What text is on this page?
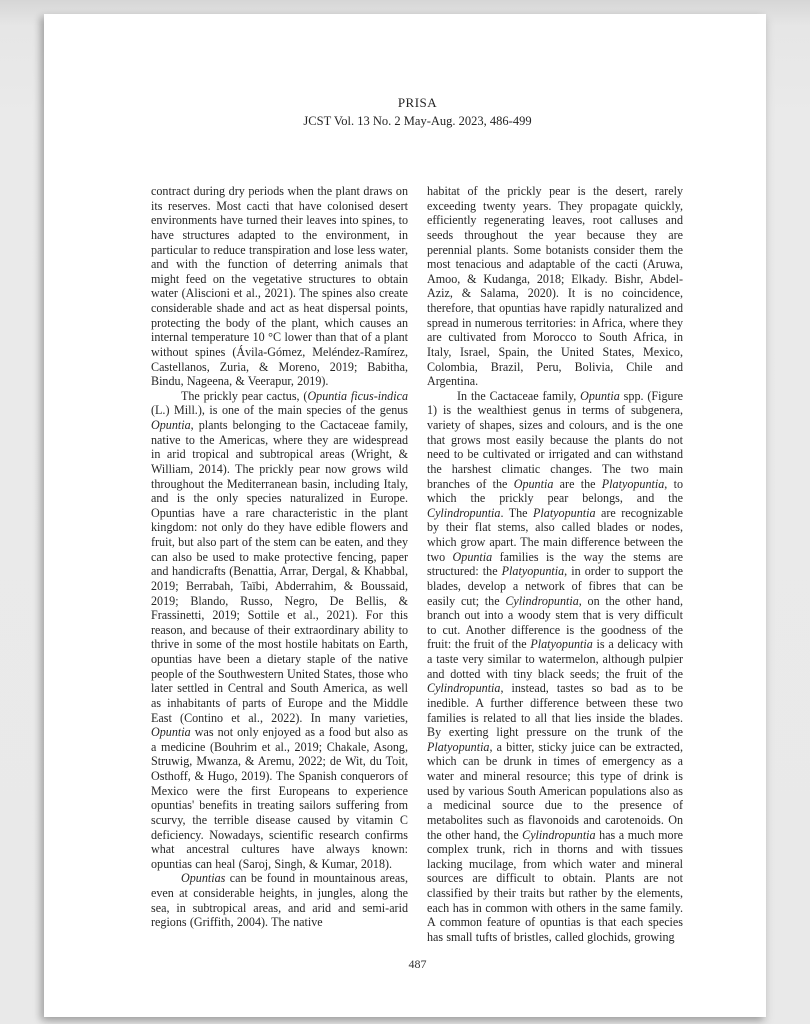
PRISA
JCST Vol. 13 No. 2 May-Aug. 2023, 486-499

contract during dry periods when the plant draws on its reserves. Most cacti that have colonised desert environments have turned their leaves into spines, to have structures adapted to the environment, in particular to reduce transpiration and lose less water, and with the function of deterring animals that might feed on the vegetative structures to obtain water (Aliscioni et al., 2021). The spines also create considerable shade and act as heat dispersal points, protecting the body of the plant, which causes an internal temperature 10 °C lower than that of a plant without spines (Ávila-Gómez, Meléndez-Ramírez, Castellanos, Zuria, & Moreno, 2019; Babitha, Bindu, Nageena, & Veerapur, 2019).

The prickly pear cactus, (Opuntia ficus-indica (L.) Mill.), is one of the main species of the genus Opuntia, plants belonging to the Cactaceae family, native to the Americas, where they are widespread in arid tropical and subtropical areas (Wright, & William, 2014). The prickly pear now grows wild throughout the Mediterranean basin, including Italy, and is the only species naturalized in Europe. Opuntias have a rare characteristic in the plant kingdom: not only do they have edible flowers and fruit, but also part of the stem can be eaten, and they can also be used to make protective fencing, paper and handicrafts (Benattia, Arrar, Dergal, & Khabbal, 2019; Berrabah, Taïbi, Abderrahim, & Boussaid, 2019; Blando, Russo, Negro, De Bellis, & Frassinetti, 2019; Sottile et al., 2021). For this reason, and because of their extraordinary ability to thrive in some of the most hostile habitats on Earth, opuntias have been a dietary staple of the native people of the Southwestern United States, those who later settled in Central and South America, as well as inhabitants of parts of Europe and the Middle East (Contino et al., 2022). In many varieties, Opuntia was not only enjoyed as a food but also as a medicine (Bouhrim et al., 2019; Chakale, Asong, Struwig, Mwanza, & Aremu, 2022; de Wit, du Toit, Osthoff, & Hugo, 2019). The Spanish conquerors of Mexico were the first Europeans to experience opuntias' benefits in treating sailors suffering from scurvy, the terrible disease caused by vitamin C deficiency. Nowadays, scientific research confirms what ancestral cultures have always known: opuntias can heal (Saroj, Singh, & Kumar, 2018).

Opuntias can be found in mountainous areas, even at considerable heights, in jungles, along the sea, in subtropical areas, and arid and semi-arid regions (Griffith, 2004). The native

habitat of the prickly pear is the desert, rarely exceeding twenty years. They propagate quickly, efficiently regenerating leaves, root calluses and seeds throughout the year because they are perennial plants. Some botanists consider them the most tenacious and adaptable of the cacti (Aruwa, Amoo, & Kudanga, 2018; Elkady. Bishr, Abdel-Aziz, & Salama, 2020). It is no coincidence, therefore, that opuntias have rapidly naturalized and spread in numerous territories: in Africa, where they are cultivated from Morocco to South Africa, in Italy, Israel, Spain, the United States, Mexico, Colombia, Brazil, Peru, Bolivia, Chile and Argentina.

In the Cactaceae family, Opuntia spp. (Figure 1) is the wealthiest genus in terms of subgenera, variety of shapes, sizes and colours, and is the one that grows most easily because the plants do not need to be cultivated or irrigated and can withstand the harshest climatic changes. The two main branches of the Opuntia are the Platyopuntia, to which the prickly pear belongs, and the Cylindropuntia. The Platyopuntia are recognizable by their flat stems, also called blades or nodes, which grow apart. The main difference between the two Opuntia families is the way the stems are structured: the Platyopuntia, in order to support the blades, develop a network of fibres that can be easily cut; the Cylindropuntia, on the other hand, branch out into a woody stem that is very difficult to cut. Another difference is the goodness of the fruit: the fruit of the Platyopuntia is a delicacy with a taste very similar to watermelon, although pulpier and dotted with tiny black seeds; the fruit of the Cylindropuntia, instead, tastes so bad as to be inedible. A further difference between these two families is related to all that lies inside the blades. By exerting light pressure on the trunk of the Platyopuntia, a bitter, sticky juice can be extracted, which can be drunk in times of emergency as a water and mineral resource; this type of drink is used by various South American populations also as a medicinal source due to the presence of metabolites such as flavonoids and carotenoids. On the other hand, the Cylindropuntia has a much more complex trunk, rich in thorns and with tissues lacking mucilage, from which water and mineral sources are difficult to obtain. Plants are not classified by their traits but rather by the elements, each has in common with others in the same family. A common feature of opuntias is that each species has small tufts of bristles, called glochids, growing

487
